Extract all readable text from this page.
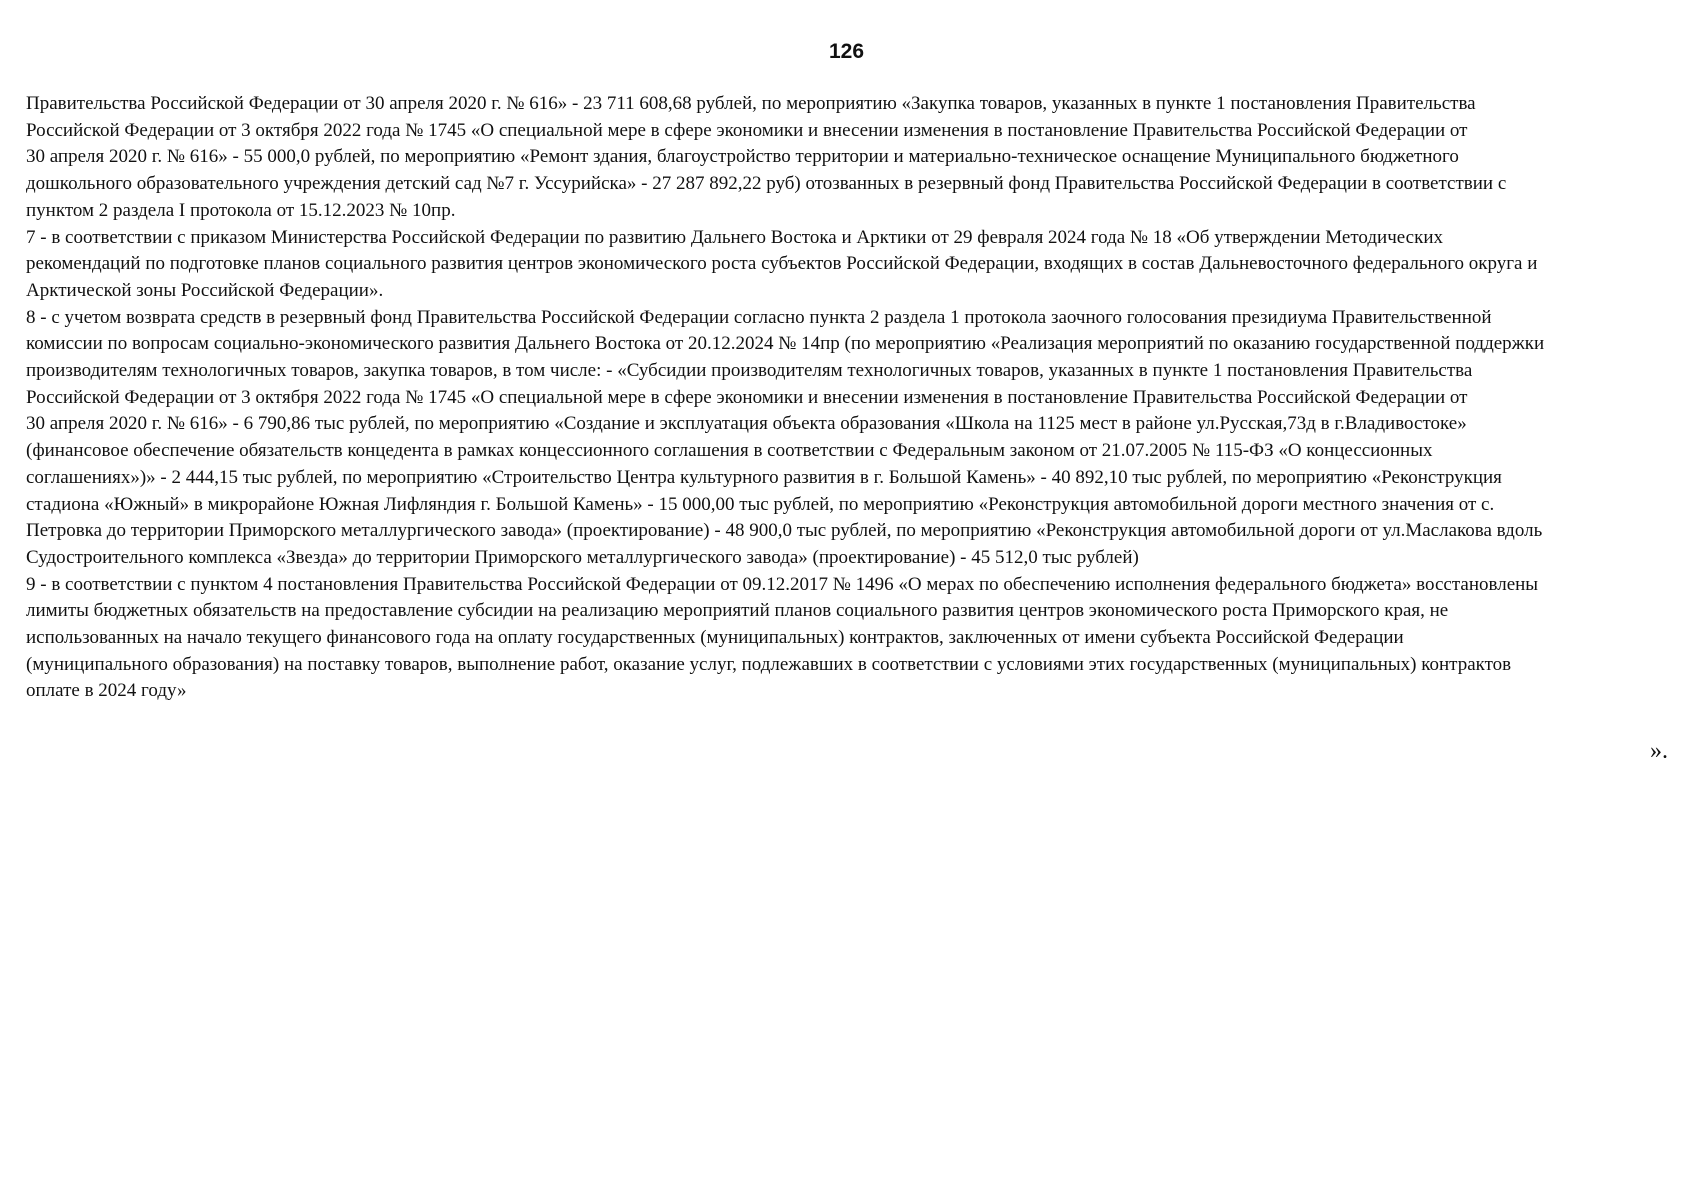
126

Правительства Российской Федерации от 30 апреля 2020 г. № 616» - 23 711 608,68 рублей, по мероприятию «Закупка товаров, указанных в пункте 1 постановления Правительства
Российской Федерации от 3 октября 2022 года № 1745 «О специальной мере в сфере экономики и внесении изменения в постановление Правительства Российской Федерации от
30 апреля 2020 г. № 616» - 55 000,0 рублей, по мероприятию «Ремонт здания, благоустройство территории и материально-техническое оснащение Муниципального бюджетного
дошкольного образовательного учреждения детский сад №7 г. Уссурийска» - 27 287 892,22 руб) отозванных в резервный фонд Правительства Российской Федерации в соответствии с
пунктом 2 раздела I протокола от 15.12.2023 № 10пр.

7 - в соответствии с приказом Министерства Российской Федерации по развитию Дальнего Востока и Арктики от 29 февраля 2024 года № 18 «Об утверждении Методических
рекомендаций по подготовке планов социального развития центров экономического роста субъектов Российской Федерации, входящих в состав Дальневосточного федерального округа и
Арктической зоны Российской Федерации».

8 - с учетом возврата средств в резервный фонд Правительства Российской Федерации согласно пункта 2 раздела 1 протокола заочного голосования президиума Правительственной
комиссии по вопросам социально-экономического развития Дальнего Востока от 20.12.2024 № 14пр (по мероприятию «Реализация мероприятий по оказанию государственной поддержки
производителям технологичных товаров, закупка товаров, в том числе: - «Субсидии производителям технологичных товаров, указанных в пункте 1 постановления Правительства
Российской Федерации от 3 октября 2022 года № 1745 «О специальной мере в сфере экономики и внесении изменения в постановление Правительства Российской Федерации от
30 апреля 2020 г. № 616» - 6 790,86 тыс рублей, по мероприятию «Создание и эксплуатация объекта образования «Школа на 1125 мест в районе ул.Русская,73д в г.Владивостоке»
(финансовое обеспечение обязательств концедента в рамках концессионного соглашения в соответствии с Федеральным законом от 21.07.2005 № 115-ФЗ «О концессионных
соглашениях»)» - 2 444,15 тыс рублей, по мероприятию «Строительство Центра культурного развития в г. Большой Камень» - 40 892,10 тыс рублей, по мероприятию «Реконструкция
стадиона «Южный» в микрорайоне Южная Лифляндия г. Большой Камень» - 15 000,00 тыс рублей, по мероприятию «Реконструкция автомобильной дороги местного значения от с.
Петровка до территории Приморского металлургического завода» (проектирование) - 48 900,0 тыс рублей, по мероприятию «Реконструкция автомобильной дороги от ул.Маслакова вдоль
Судостроительного комплекса «Звезда» до территории Приморского металлургического завода» (проектирование) - 45 512,0 тыс рублей)

9 - в соответствии с пунктом 4 постановления Правительства Российской Федерации от 09.12.2017 № 1496 «О мерах по обеспечению исполнения федерального бюджета» восстановлены
лимиты бюджетных обязательств на предоставление субсидии на реализацию мероприятий планов социального развития центров экономического роста Приморского края, не
использованных на начало текущего финансового года на оплату государственных (муниципальных) контрактов, заключенных от имени субъекта Российской Федерации
(муниципального образования) на поставку товаров, выполнение работ, оказание услуг, подлежавших в соответствии с условиями этих государственных (муниципальных) контрактов
оплате в 2024 году»

».
